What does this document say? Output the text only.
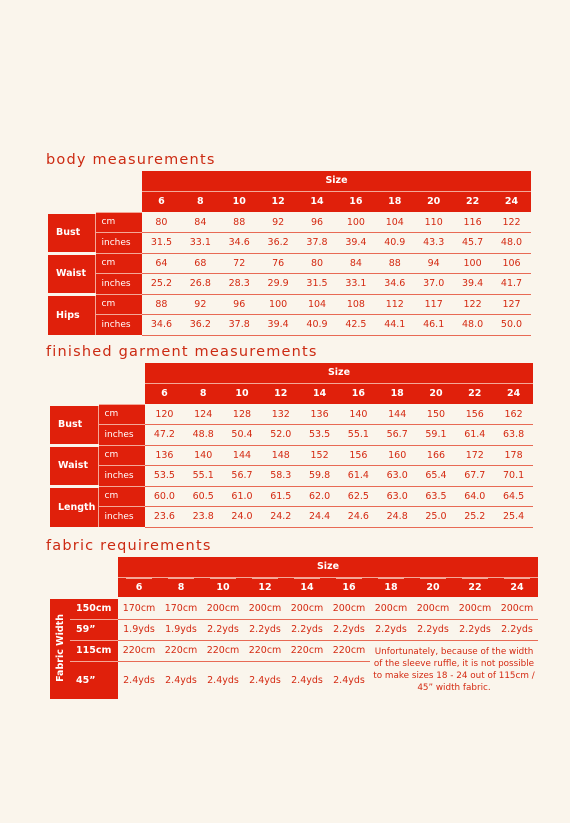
body measurements
		Size									
		6	8	10	12	14	16	18	20	22	24
Bust	cm	80	84	88	92	96	100	104	110	116	122
	inches	31.5	33.1	34.6	36.2	37.8	39.4	40.9	43.3	45.7	48.0
Waist	cm	64	68	72	76	80	84	88	94	100	106
	inches	25.2	26.8	28.3	29.9	31.5	33.1	34.6	37.0	39.4	41.7
Hips	cm	88	92	96	100	104	108	112	117	122	127
	inches	34.6	36.2	37.8	39.4	40.9	42.5	44.1	46.1	48.0	50.0
finished garment measurements
		Size									
		6	8	10	12	14	16	18	20	22	24
Bust	cm	120	124	128	132	136	140	144	150	156	162
	inches	47.2	48.8	50.4	52.0	53.5	55.1	56.7	59.1	61.4	63.8
Waist	cm	136	140	144	148	152	156	160	166	172	178
	inches	53.5	55.1	56.7	58.3	59.8	61.4	63.0	65.4	67.7	70.1
Length	cm	60.0	60.5	61.0	61.5	62.0	62.5	63.0	63.5	64.0	64.5
	inches	23.6	23.8	24.0	24.2	24.4	24.6	24.8	25.0	25.2	25.4
fabric requirements
		Size									
		6	8	10	12	14	16	18	20	22	24
Fabric Width	150cm	170cm	170cm	200cm	200cm	200cm	200cm	200cm	200cm	200cm	200cm
	59”	1.9yds	1.9yds	2.2yds	2.2yds	2.2yds	2.2yds	2.2yds	2.2yds	2.2yds	2.2yds
	115cm	220cm	220cm	220cm	220cm	220cm	220cm	Unfortunately, because of the width of the sleeve ruffle, it is not possible to make sizes 18 - 24 out of 115cm / 45” width fabric.			
	45”	2.4yds	2.4yds	2.4yds	2.4yds	2.4yds	2.4yds				
